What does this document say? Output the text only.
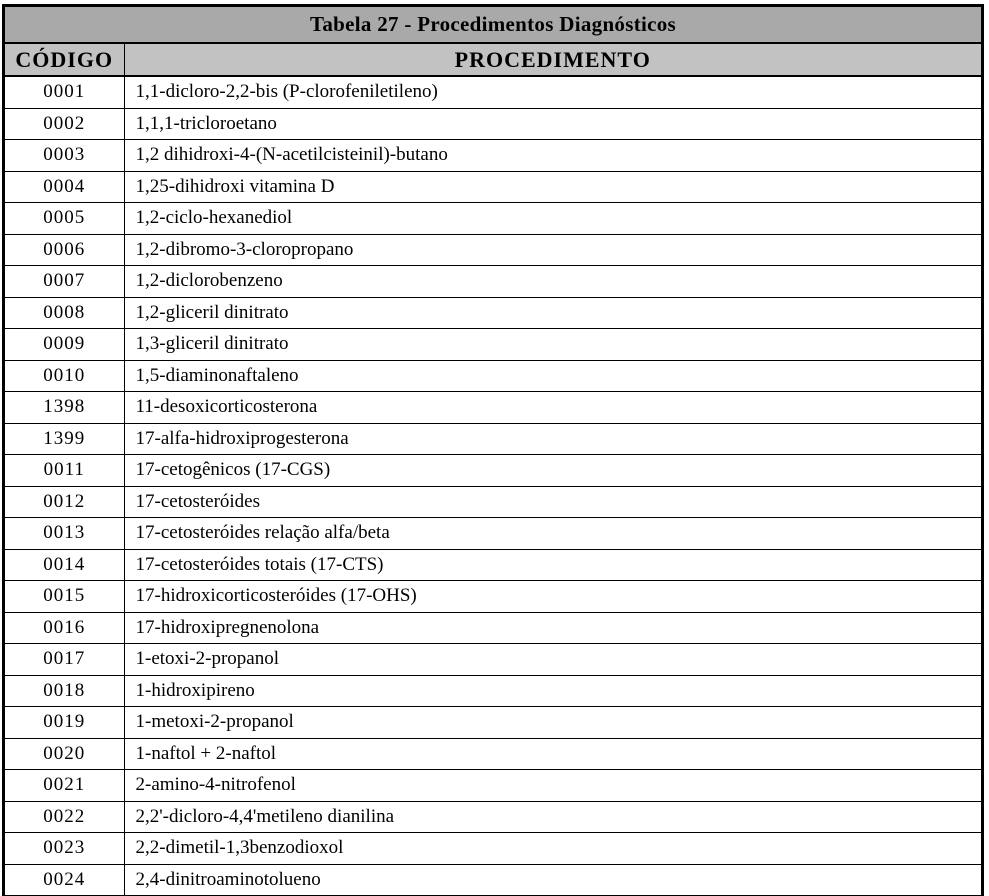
Tabela 27 - Procedimentos Diagnósticos
CÓDIGO	PROCEDIMENTO
0001	1,1-dicloro-2,2-bis (P-clorofeniletileno)
0002	1,1,1-tricloroetano
0003	1,2 dihidroxi-4-(N-acetilcisteinil)-butano
0004	1,25-dihidroxi vitamina D
0005	1,2-ciclo-hexanediol
0006	1,2-dibromo-3-cloropropano
0007	1,2-diclorobenzeno
0008	1,2-gliceril dinitrato
0009	1,3-gliceril dinitrato
0010	1,5-diaminonaftaleno
1398	11-desoxicorticosterona
1399	17-alfa-hidroxiprogesterona
0011	17-cetogênicos (17-CGS)
0012	17-cetosteróides
0013	17-cetosteróides relação alfa/beta
0014	17-cetosteróides totais (17-CTS)
0015	17-hidroxicorticosteróides (17-OHS)
0016	17-hidroxipregnenolona
0017	1-etoxi-2-propanol
0018	1-hidroxipireno
0019	1-metoxi-2-propanol
0020	1-naftol + 2-naftol
0021	2-amino-4-nitrofenol
0022	2,2'-dicloro-4,4'metileno dianilina
0023	2,2-dimetil-1,3benzodioxol
0024	2,4-dinitroaminotolueno
